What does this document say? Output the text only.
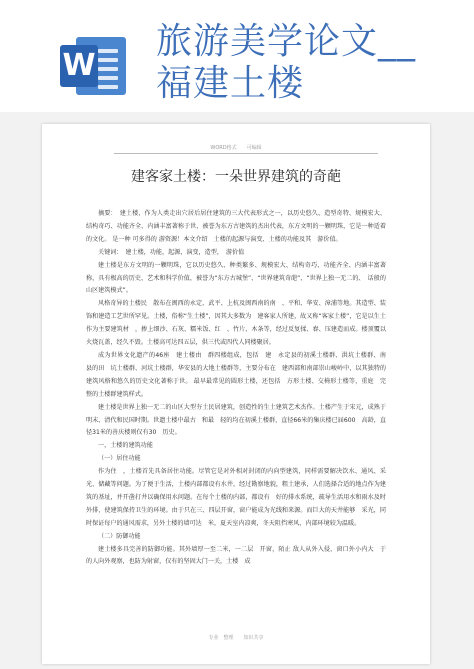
W
旅游美学论文__
福建土楼
WORD格式　　可编辑
建客家土楼：一朵世界建筑的奇葩

摘要：　建土楼，作为人类走出穴居后居住建筑的三大代表形式之一，以历史悠久、造型奇特、规模宏大、结构奇巧、功能齐全、内涵丰富著称于世，被誉为东方古建筑的杰出代表，东方文明的一颗明珠，它是一种适着的文化。 是一种 可多得的 游资源！本文介绍　土楼的起源与演变、土楼的功能及其　游价值。

关键词：　建土楼，功能，起源，演变，造型，　游价值

建土楼是东方文明的一颗明珠，它以历史悠久、种类繁多、规模宏大、结构奇巧、功能齐全、内涵丰富著称，具有极高的历史、艺术和科学价值，被誉为“东方古城堡”、“世界建筑奇葩”、“世界上独一无二的、　话般的山区建筑模式”。

风格奇异的土楼民　散布在闽西的永定、武平、上杭及闽西南的南　、平和、华安、漳浦等地。其造型、装饰和建造工艺世所罕见。土楼，俗称“生土楼”，因其大多数为　建客家人所建，故又称“客家土楼”，它是以生土作为主要建筑材　，掺上细沙、石灰、糯米饭、红　、竹片、木条等，经过反复揉、舂、压建造而成。楼顶覆以火烧瓦盖，经久不毁。土楼高可达四五层，供三代或四代人同楼聚居。

成为世界文化遗产的46座　建土楼由　群四楼组成，包括　建　永定县的初溪土楼群、洪坑土楼群、南　县的田　坑土楼群、河坑土楼群，华安县的大地土楼群等，主要分布在　建西部和南部崇山峻岭中，以其独特的建筑风格和悠久的历史文化著称于世。 最早最常见的圆形土楼，还包括　方形土楼、交椅形土楼等，重庭　完整的土楼群建筑样式。

建土楼是世界上独一无二的山区大型夯土民居建筑，创造性的生土建筑艺术杰作。土楼产生于宋元，成熟于明末、清代和民国时期。世遗土楼中最古　和最　轻的均在初溪土楼群，直径66米的集庆楼已届600　高龄，直径31米的善庆楼则仅有30　历史。

一，土楼的建筑功能

（一）居住功能

作为住　，土楼首先具备居住功能。尽管它是对外相对封闭的内向型建筑，同样需要解决饮水、通风、采光、储藏等问题。为了便于生活，土楼内部都设有水井，经过勘察地貌，粗土建承，人们选择合适的地点作为建筑的基址，并开凿打井以确保用水问题。在每个土楼的内部，都设有　好的排水系统，疏导生活用水和雨水及时外排，使建筑保持卫生的环境。由于只在三、四层开窗，窗户能成为光线和来源。而巨大的天井能够　采光，同时保证每户的通风需求，另外土楼的墙可达　米，夏天室内凉爽，冬天阻挡寒风，内部环境较为温暖。

（二）防御功能

建土楼多具完善的防御功能。其外墙厚一至二米，一二层　开窗，陌止 敌人从外入侵，窗口外小内大　于　　的人向外观察，也防为射窗，仅有的坚固大门一关，土楼　成

专业　整理　　知识共享
